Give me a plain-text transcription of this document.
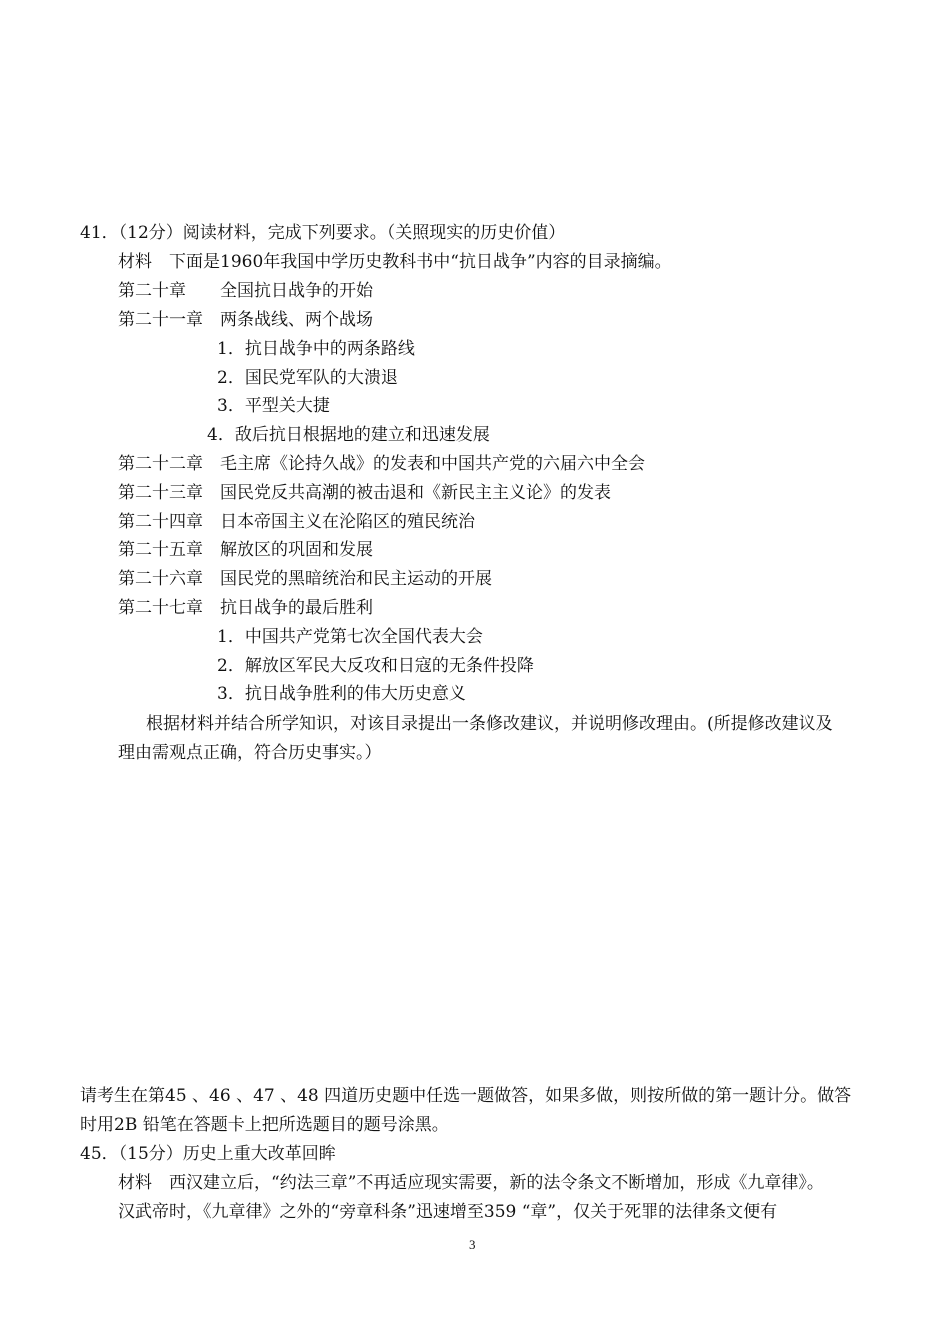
41．（12分）阅读材料，完成下列要求。（关照现实的历史价值）
材料　下面是1960年我国中学历史教科书中“抗日战争”内容的目录摘编。
第二十章　　全国抗日战争的开始
第二十一章　两条战线、两个战场
1．抗日战争中的两条路线
2．国民党军队的大溃退
3．平型关大捷
4．敌后抗日根据地的建立和迅速发展
第二十二章　毛主席《论持久战》的发表和中国共产党的六届六中全会
第二十三章　国民党反共高潮的被击退和《新民主主义论》的发表
第二十四章　日本帝国主义在沦陷区的殖民统治
第二十五章　解放区的巩固和发展
第二十六章　国民党的黑暗统治和民主运动的开展
第二十七章　抗日战争的最后胜利
1．中国共产党第七次全国代表大会
2．解放区军民大反攻和日寇的无条件投降
3．抗日战争胜利的伟大历史意义
根据材料并结合所学知识，对该目录提出一条修改建议，并说明修改理由。(所提修改建议及
理由需观点正确，符合历史事实。）
请考生在第45 、46 、47 、48 四道历史题中任选一题做答，如果多做，则按所做的第一题计分。做答
时用2B 铅笔在答题卡上把所选题目的题号涂黑。
45．（15分）历史上重大改革回眸
材料　西汉建立后，“约法三章”不再适应现实需要，新的法令条文不断增加，形成《九章律》。
汉武帝时，《九章律》之外的“旁章科条”迅速增至359 “章”，仅关于死罪的法律条文便有
3
